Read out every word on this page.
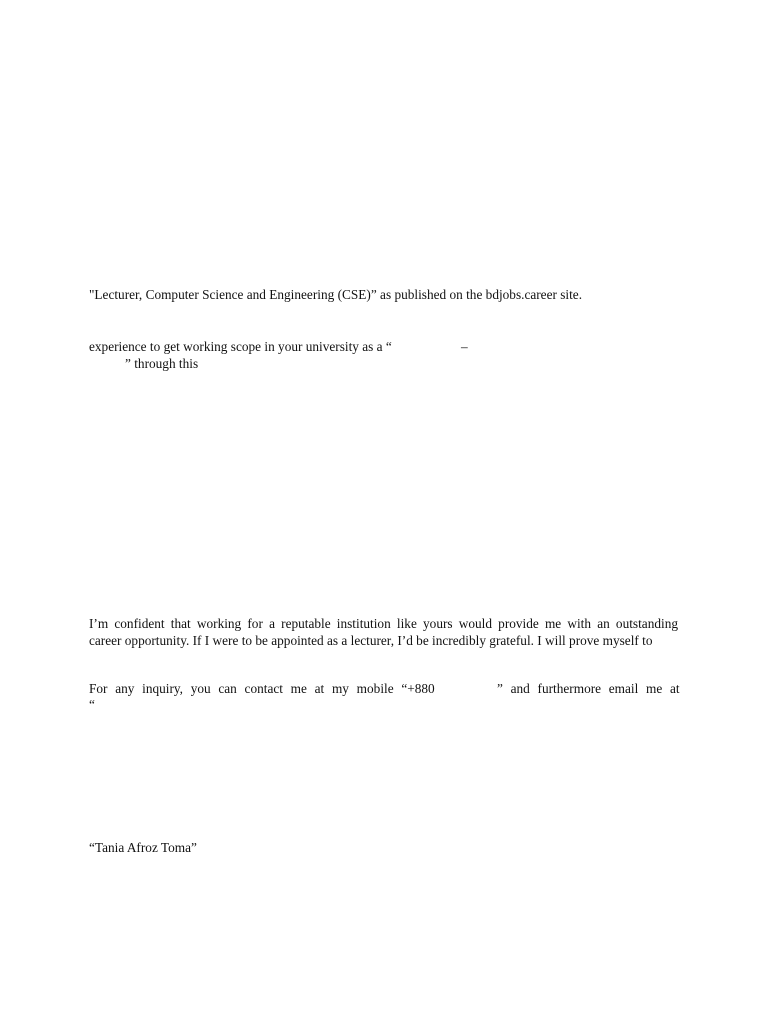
"Lecturer, Computer Science and Engineering (CSE)” as published on the bdjobs.career site.

experience to get working scope in your university as a “	–
” through this

I’m confident that working for a reputable institution like yours would provide me with an outstanding

career opportunity. If I were to be appointed as a lecturer, I’d be incredibly grateful. I will prove myself to

For any inquiry, you can contact me at my mobile “+880	” and furthermore email me at

“

“Tania Afroz Toma”
